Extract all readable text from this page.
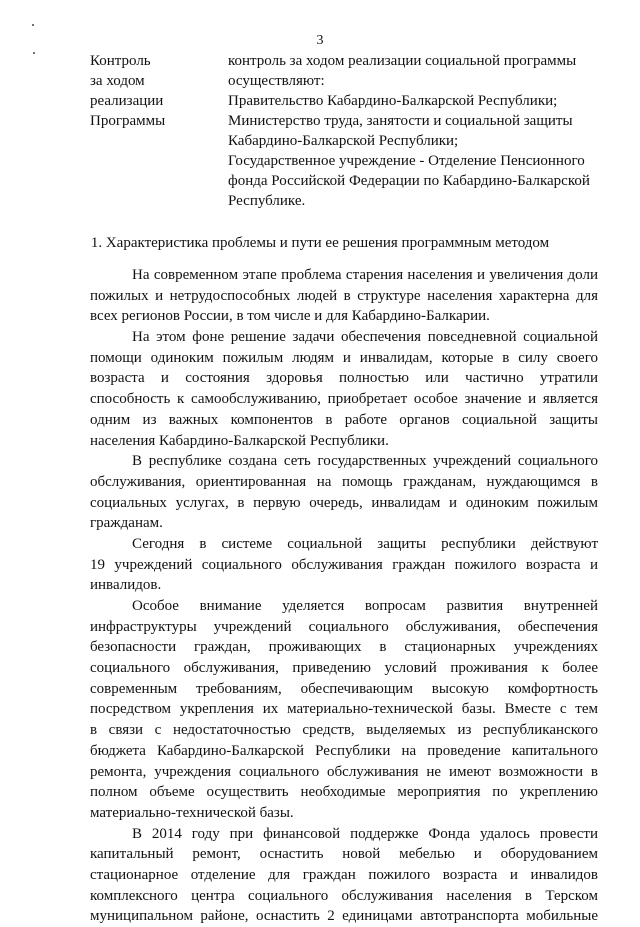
3
Контроль
за ходом
реализации
Программы
контроль за ходом реализации социальной программы
осуществляют:
Правительство Кабардино-Балкарской Республики;
Министерство труда, занятости и социальной защиты
Кабардино-Балкарской Республики;
Государственное учреждение - Отделение Пенсионного
фонда Российской Федерации по Кабардино-Балкарской
Республике.
1. Характеристика проблемы и пути ее решения программным методом
На современном этапе проблема старения населения и увеличения доли
пожилых и нетрудоспособных людей в структуре населения характерна для
всех регионов России, в том числе и для Кабардино-Балкарии.
На этом фоне решение задачи обеспечения повседневной социальной
помощи одиноким пожилым людям и инвалидам, которые в силу своего
возраста и состояния здоровья полностью или частично утратили
способность к самообслуживанию, приобретает особое значение и является
одним из важных компонентов в работе органов социальной защиты
населения Кабардино-Балкарской Республики.
В республике создана сеть государственных учреждений социального
обслуживания, ориентированная на помощь гражданам, нуждающимся в
социальных услугах, в первую очередь, инвалидам и одиноким пожилым
гражданам.
Сегодня в системе социальной защиты республики действуют
19 учреждений социального обслуживания граждан пожилого возраста и
инвалидов.
Особое внимание уделяется вопросам развития внутренней
инфраструктуры учреждений социального обслуживания, обеспечения
безопасности граждан, проживающих в стационарных учреждениях
социального обслуживания, приведению условий проживания к более
современным требованиям, обеспечивающим высокую комфортность
посредством укрепления их материально-технической базы. Вместе с тем
в связи с недостаточностью средств, выделяемых из республиканского
бюджета Кабардино-Балкарской Республики на проведение капитального
ремонта, учреждения социального обслуживания не имеют возможности в
полном объеме осуществить необходимые мероприятия по укреплению
материально-технической базы.
В 2014 году при финансовой поддержке Фонда удалось провести
капитальный ремонт, оснастить новой мебелью и оборудованием
стационарное отделение для граждан пожилого возраста и инвалидов
комплексного центра социального обслуживания населения в Терском
муниципальном районе, оснастить 2 единицами автотранспорта мобильные
